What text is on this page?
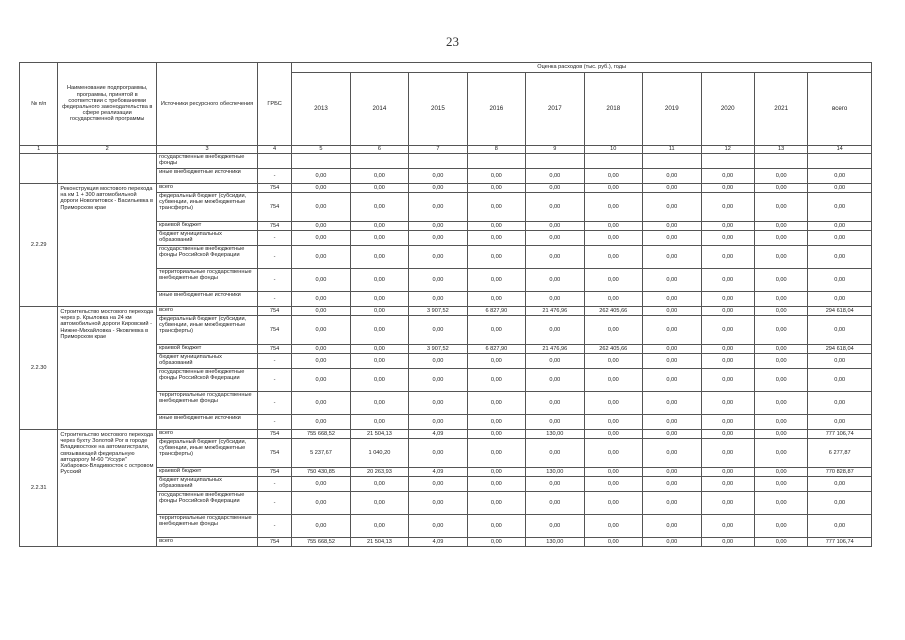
23
№ п/п	Наименование подпрограммы, программы, принятой в соответствии с требованиями федерального законодательства в сфере реализации государственной программы	Источники ресурсного обеспечения	ГРБС	Оценка расходов (тыс. руб.), годы									
				2013	2014	2015	2016	2017	2018	2019	2020	2021	всего
1	2	3	4	5	6	7	8	9	10	11	12	13	14
		государственные внебюджетные фонды											
		иные внебюджетные источники	-	0,00	0,00	0,00	0,00	0,00	0,00	0,00	0,00	0,00	0,00
2.2.29	Реконструкция мостового перехода на км 1 + 300 автомобильной дороги Новолитовск - Васильевка в Приморском крае	всего	754	0,00	0,00	0,00	0,00	0,00	0,00	0,00	0,00	0,00	0,00
		федеральный бюджет (субсидии, субвенции, иные межбюджетные трансферты)	754	0,00	0,00	0,00	0,00	0,00	0,00	0,00	0,00	0,00	0,00
		краевой бюджет	754	0,00	0,00	0,00	0,00	0,00	0,00	0,00	0,00	0,00	0,00
		бюджет муниципальных образований	-	0,00	0,00	0,00	0,00	0,00	0,00	0,00	0,00	0,00	0,00
		государственные внебюджетные фонды Российской Федерации	-	0,00	0,00	0,00	0,00	0,00	0,00	0,00	0,00	0,00	0,00
		территориальные государственные внебюджетные фонды	-	0,00	0,00	0,00	0,00	0,00	0,00	0,00	0,00	0,00	0,00
		иные внебюджетные источники	-	0,00	0,00	0,00	0,00	0,00	0,00	0,00	0,00	0,00	0,00
2.2.30	Строительство мостового перехода через р. Крыловка на 24 км автомобильной дороги Кировский - Нижне-Михайловка - Яковлевка в Приморском крае	всего	754	0,00	0,00	3 907,52	6 827,90	21 476,96	262 405,66	0,00	0,00	0,00	294 618,04
		федеральный бюджет (субсидии, субвенции, иные межбюджетные трансферты)	754	0,00	0,00	0,00	0,00	0,00	0,00	0,00	0,00	0,00	0,00
		краевой бюджет	754	0,00	0,00	3 907,52	6 827,90	21 476,96	262 405,66	0,00	0,00	0,00	294 618,04
		бюджет муниципальных образований	-	0,00	0,00	0,00	0,00	0,00	0,00	0,00	0,00	0,00	0,00
		государственные внебюджетные фонды Российской Федерации	-	0,00	0,00	0,00	0,00	0,00	0,00	0,00	0,00	0,00	0,00
		территориальные государственные внебюджетные фонды	-	0,00	0,00	0,00	0,00	0,00	0,00	0,00	0,00	0,00	0,00
		иные внебюджетные источники	-	0,00	0,00	0,00	0,00	0,00	0,00	0,00	0,00	0,00	0,00
2.2.31	Строительство мостового перехода через бухту Золотой Рог в городе Владивостоке на автомагистрали, связывающей федеральную автодорогу М-60 "Уссури" Хабаровск-Владивосток с островом Русский	всего	754	755 668,52	21 504,13	4,09	0,00	130,00	0,00	0,00	0,00	0,00	777 106,74
		федеральный бюджет (субсидии, субвенции, иные межбюджетные трансферты)	754	5 237,67	1 040,20	0,00	0,00	0,00	0,00	0,00	0,00	0,00	6 277,87
		краевой бюджет	754	750 430,85	20 263,93	4,09	0,00	130,00	0,00	0,00	0,00	0,00	770 828,87
		бюджет муниципальных образований	-	0,00	0,00	0,00	0,00	0,00	0,00	0,00	0,00	0,00	0,00
		государственные внебюджетные фонды Российской Федерации	-	0,00	0,00	0,00	0,00	0,00	0,00	0,00	0,00	0,00	0,00
		территориальные государственные внебюджетные фонды	-	0,00	0,00	0,00	0,00	0,00	0,00	0,00	0,00	0,00	0,00
		всего	754	755 668,52	21 504,13	4,09	0,00	130,00	0,00	0,00	0,00	0,00	777 106,74
